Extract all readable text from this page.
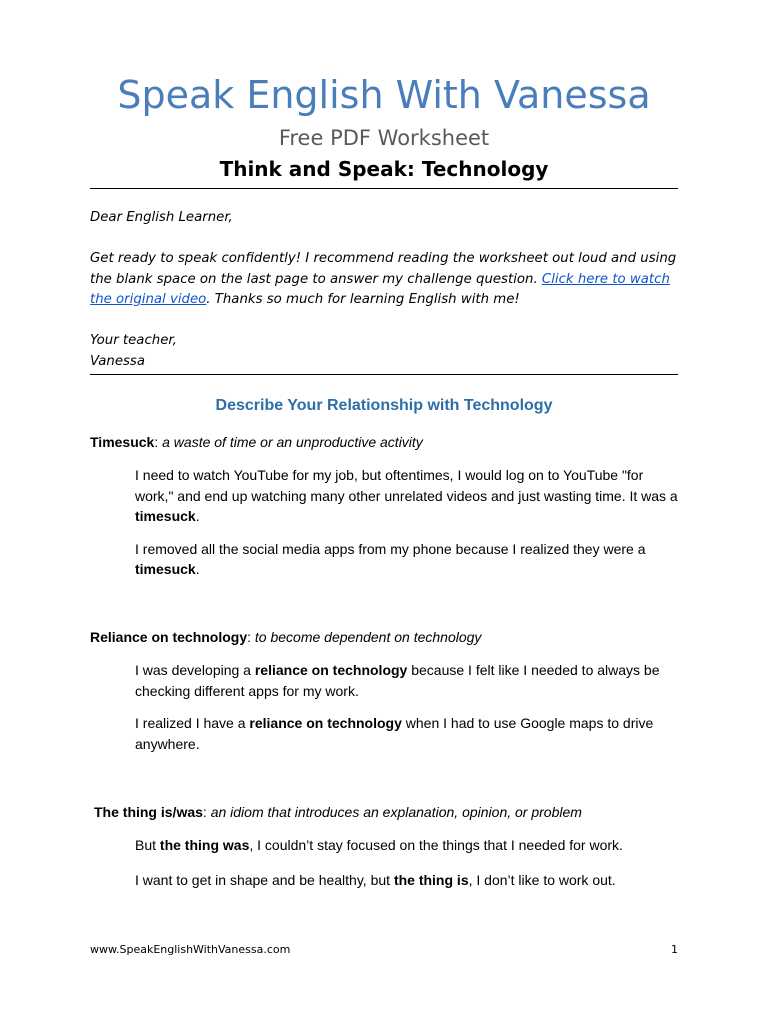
Speak English With Vanessa
Free PDF Worksheet
Think and Speak: Technology

Dear English Learner,

Get ready to speak confidently! I recommend reading the worksheet out loud and using the blank space on the last page to answer my challenge question. Click here to watch the original video. Thanks so much for learning English with me!

Your teacher,

Vanessa

Describe Your Relationship with Technology
Timesuck: a waste of time or an unproductive activity

I need to watch YouTube for my job, but oftentimes, I would log on to YouTube "for work," and end up watching many other unrelated videos and just wasting time. It was a timesuck.

I removed all the social media apps from my phone because I realized they were a timesuck.

Reliance on technology: to become dependent on technology

I was developing a reliance on technology because I felt like I needed to always be checking different apps for my work.

I realized I have a reliance on technology when I had to use Google maps to drive anywhere.

The thing is/was: an idiom that introduces an explanation, opinion, or problem

But the thing was, I couldn’t stay focused on the things that I needed for work.

I want to get in shape and be healthy, but the thing is, I don’t like to work out.

www.SpeakEnglishWithVanessa.com	1
